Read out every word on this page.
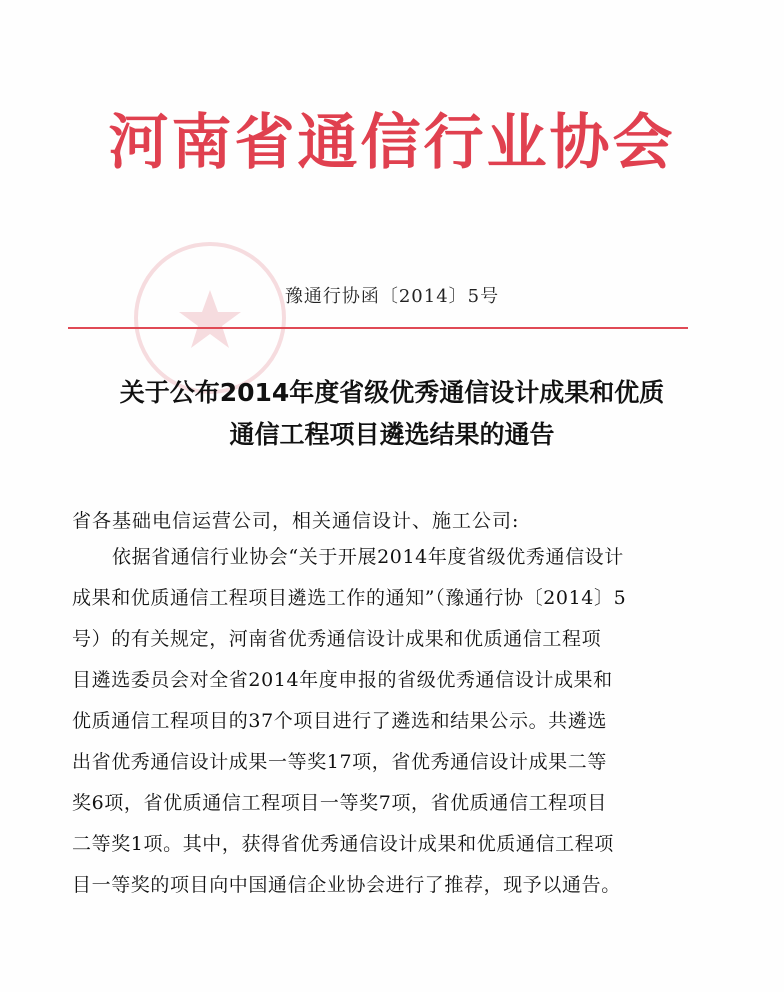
河南省通信行业协会
豫通行协函〔2014〕5号
关于公布2014年度省级优秀通信设计成果和优质
通信工程项目遴选结果的通告
省各基础电信运营公司，相关通信设计、施工公司:
依据省通信行业协会“关于开展2014年度省级优秀通信设计
成果和优质通信工程项目遴选工作的通知”（豫通行协〔2014〕5
号）的有关规定，河南省优秀通信设计成果和优质通信工程项
目遴选委员会对全省2014年度申报的省级优秀通信设计成果和
优质通信工程项目的37个项目进行了遴选和结果公示。共遴选
出省优秀通信设计成果一等奖17项，省优秀通信设计成果二等
奖6项，省优质通信工程项目一等奖7项，省优质通信工程项目
二等奖1项。其中，获得省优秀通信设计成果和优质通信工程项
目一等奖的项目向中国通信企业协会进行了推荐，现予以通告。
